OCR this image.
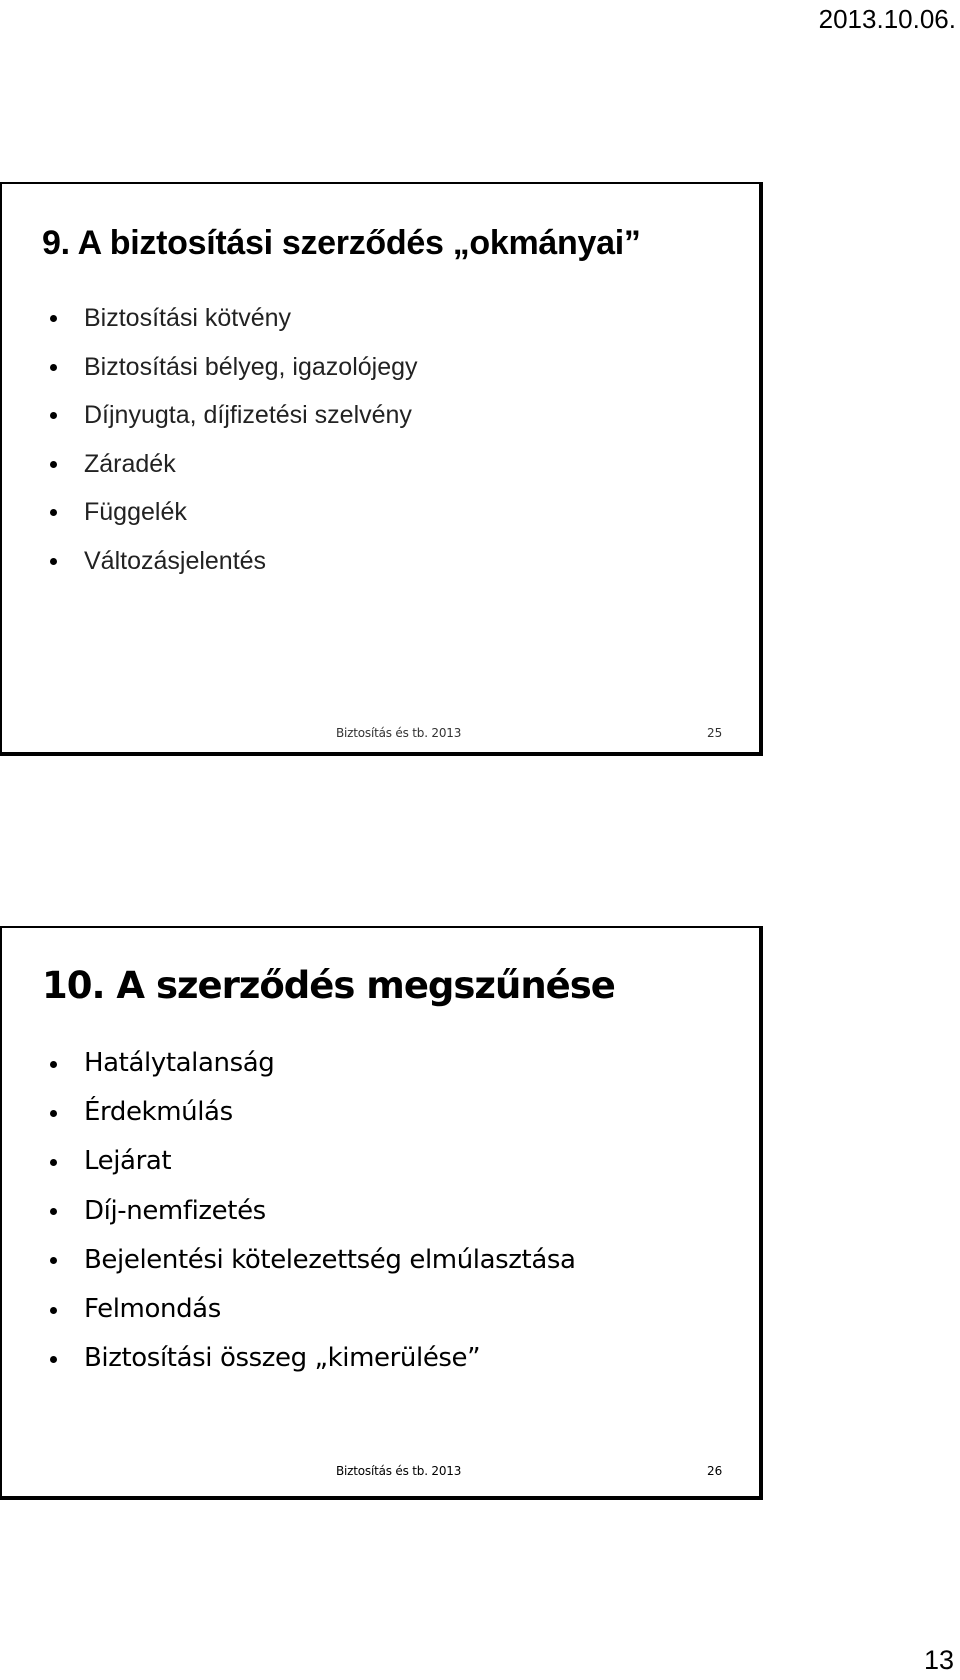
2013.10.06.
9. A biztosítási szerződés „okmányai”
Biztosítási kötvény
Biztosítási bélyeg, igazolójegy
Díjnyugta, díjfizetési szelvény
Záradék
Függelék
Változásjelentés
Biztosítás és tb. 2013	25
10. A szerződés megszűnése
Hatálytalanság
Érdekmúlás
Lejárat
Díj-nemfizetés
Bejelentési kötelezettség elmúlasztása
Felmondás
Biztosítási összeg „kimerülése”
Biztosítás és tb. 2013	26
13
